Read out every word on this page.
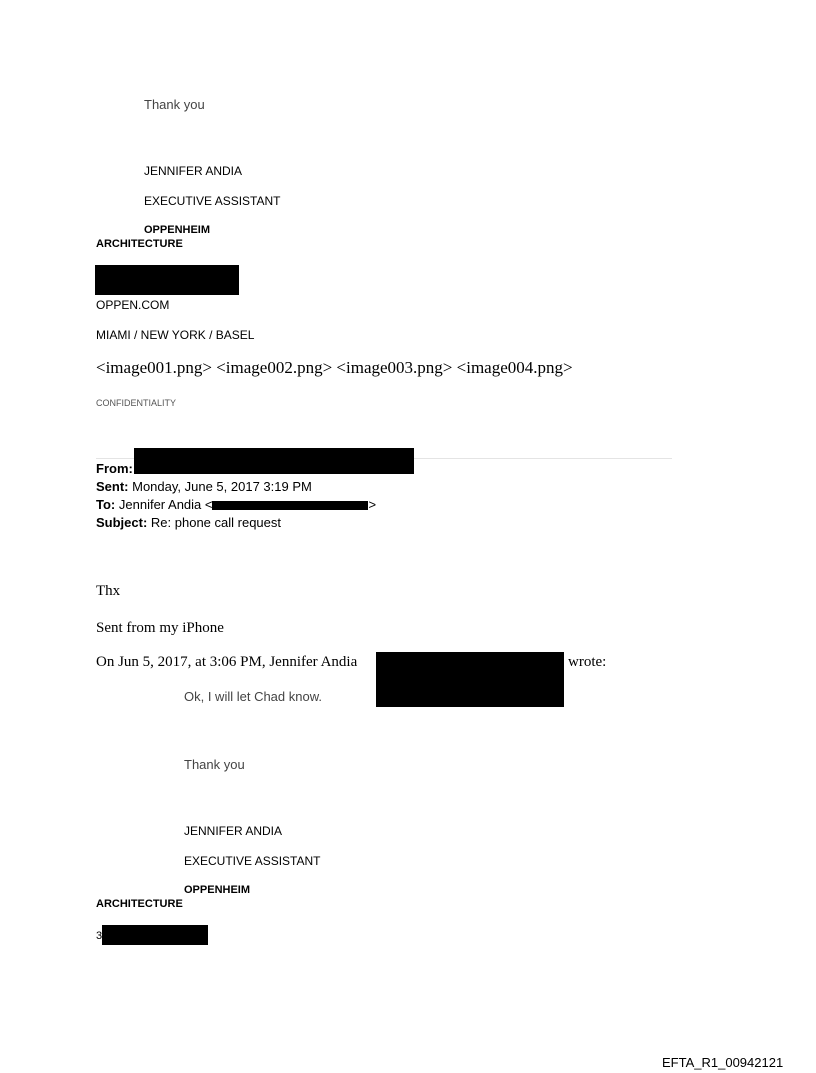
Thank you
JENNIFER ANDIA
EXECUTIVE ASSISTANT
OPPENHEIM
ARCHITECTURE
OPPEN.COM
MIAMI / NEW YORK / BASEL
<image001.png> <image002.png> <image003.png> <image004.png>
CONFIDENTIALITY
From:
Sent: Monday, June 5, 2017 3:19 PM
To: Jennifer Andia <	>
Subject: Re: phone call request
Thx
Sent from my iPhone
On Jun 5, 2017, at 3:06 PM, Jennifer Andia	wrote:
Ok, I will let Chad know.
Thank you
JENNIFER ANDIA
EXECUTIVE ASSISTANT
OPPENHEIM
ARCHITECTURE
3
EFTA_R1_00942121
